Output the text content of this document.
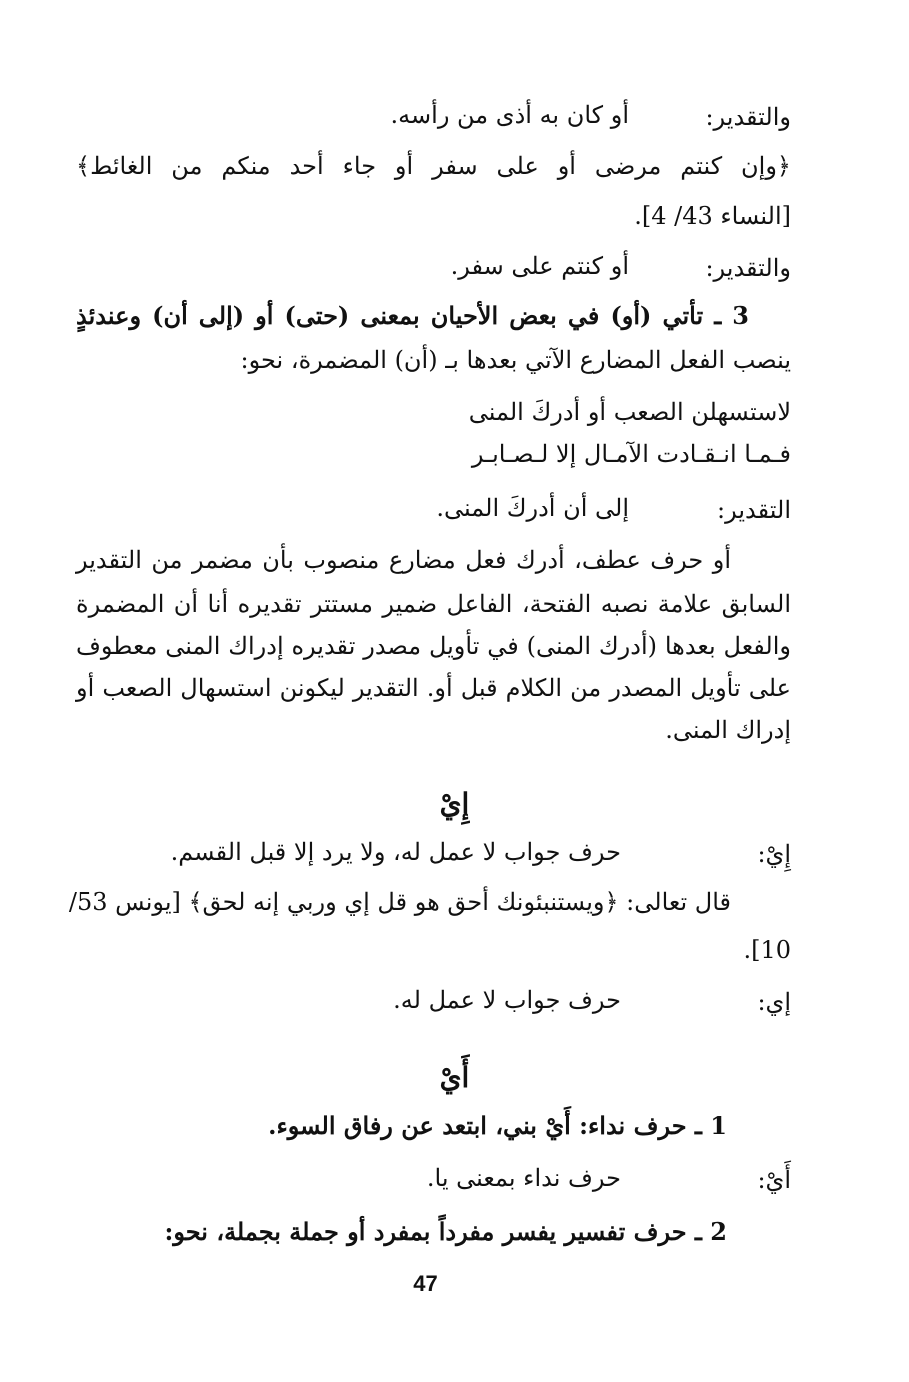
والتقدير:
أو كان به أذى من رأسه.

﴿وإن كنتم مرضى أو على سفر أو جاء أحد منكم من الغائط﴾

[النساء 43/ 4].
والتقدير:
أو كنتم على سفر.

3 ـ تأتي (أو) في بعض الأحيان بمعنى (حتى) أو (إلى أن) وعندئذٍ

ينصب الفعل المضارع الآتي بعدها بـ (أن) المضمرة، نحو:

لاستسهلن الصعب أو أدركَ المنى

فـمـا انـقـادت الآمـال إلا لـصـابـر

التقدير:
إلى أن أدركَ المنى.

أو حرف عطف، أدرك فعل مضارع منصوب بأن مضمر من التقدير

السابق علامة نصبه الفتحة، الفاعل ضمير مستتر تقديره أنا أن المضمرة

والفعل بعدها (أدرك المنى) في تأويل مصدر تقديره إدراك المنى معطوف

على تأويل المصدر من الكلام قبل أو. التقدير ليكونن استسهال الصعب أو

إدراك المنى.

إِيْ
إِيْ:
حرف جواب لا عمل له، ولا يرد إلا قبل القسم.

قال تعالى: ﴿ويستنبئونك أحق هو قل إي وربي إنه لحق﴾ [يونس 53/

10].
إي:
حرف جواب لا عمل له.
أَيْ

1 ـ حرف نداء: أَيْ بني، ابتعد عن رفاق السوء.

أَيْ:
حرف نداء بمعنى يا.

2 ـ حرف تفسير يفسر مفرداً بمفرد أو جملة بجملة، نحو:

47
